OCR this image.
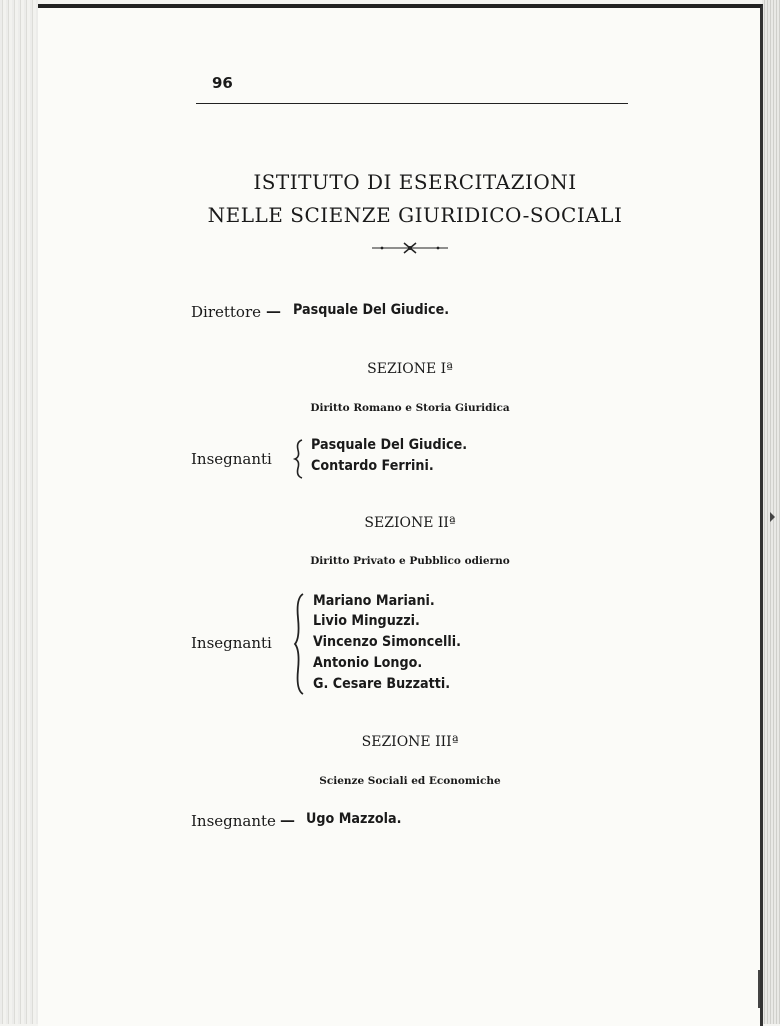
96
ISTITUTO DI ESERCITAZIONI
NELLE SCIENZE GIURIDICO-SOCIALI
Direttore — Pasquale Del Giudice.
SEZIONE Iª
Diritto Romano e Storia Giuridica
Insegnanti
Pasquale Del Giudice.
Contardo Ferrini.
SEZIONE IIª
Diritto Privato e Pubblico odierno
Insegnanti
Mariano Mariani.
Livio Minguzzi.
Vincenzo Simoncelli.
Antonio Longo.
G. Cesare Buzzatti.
SEZIONE IIIª
Scienze Sociali ed Economiche
Insegnante — Ugo Mazzola.
